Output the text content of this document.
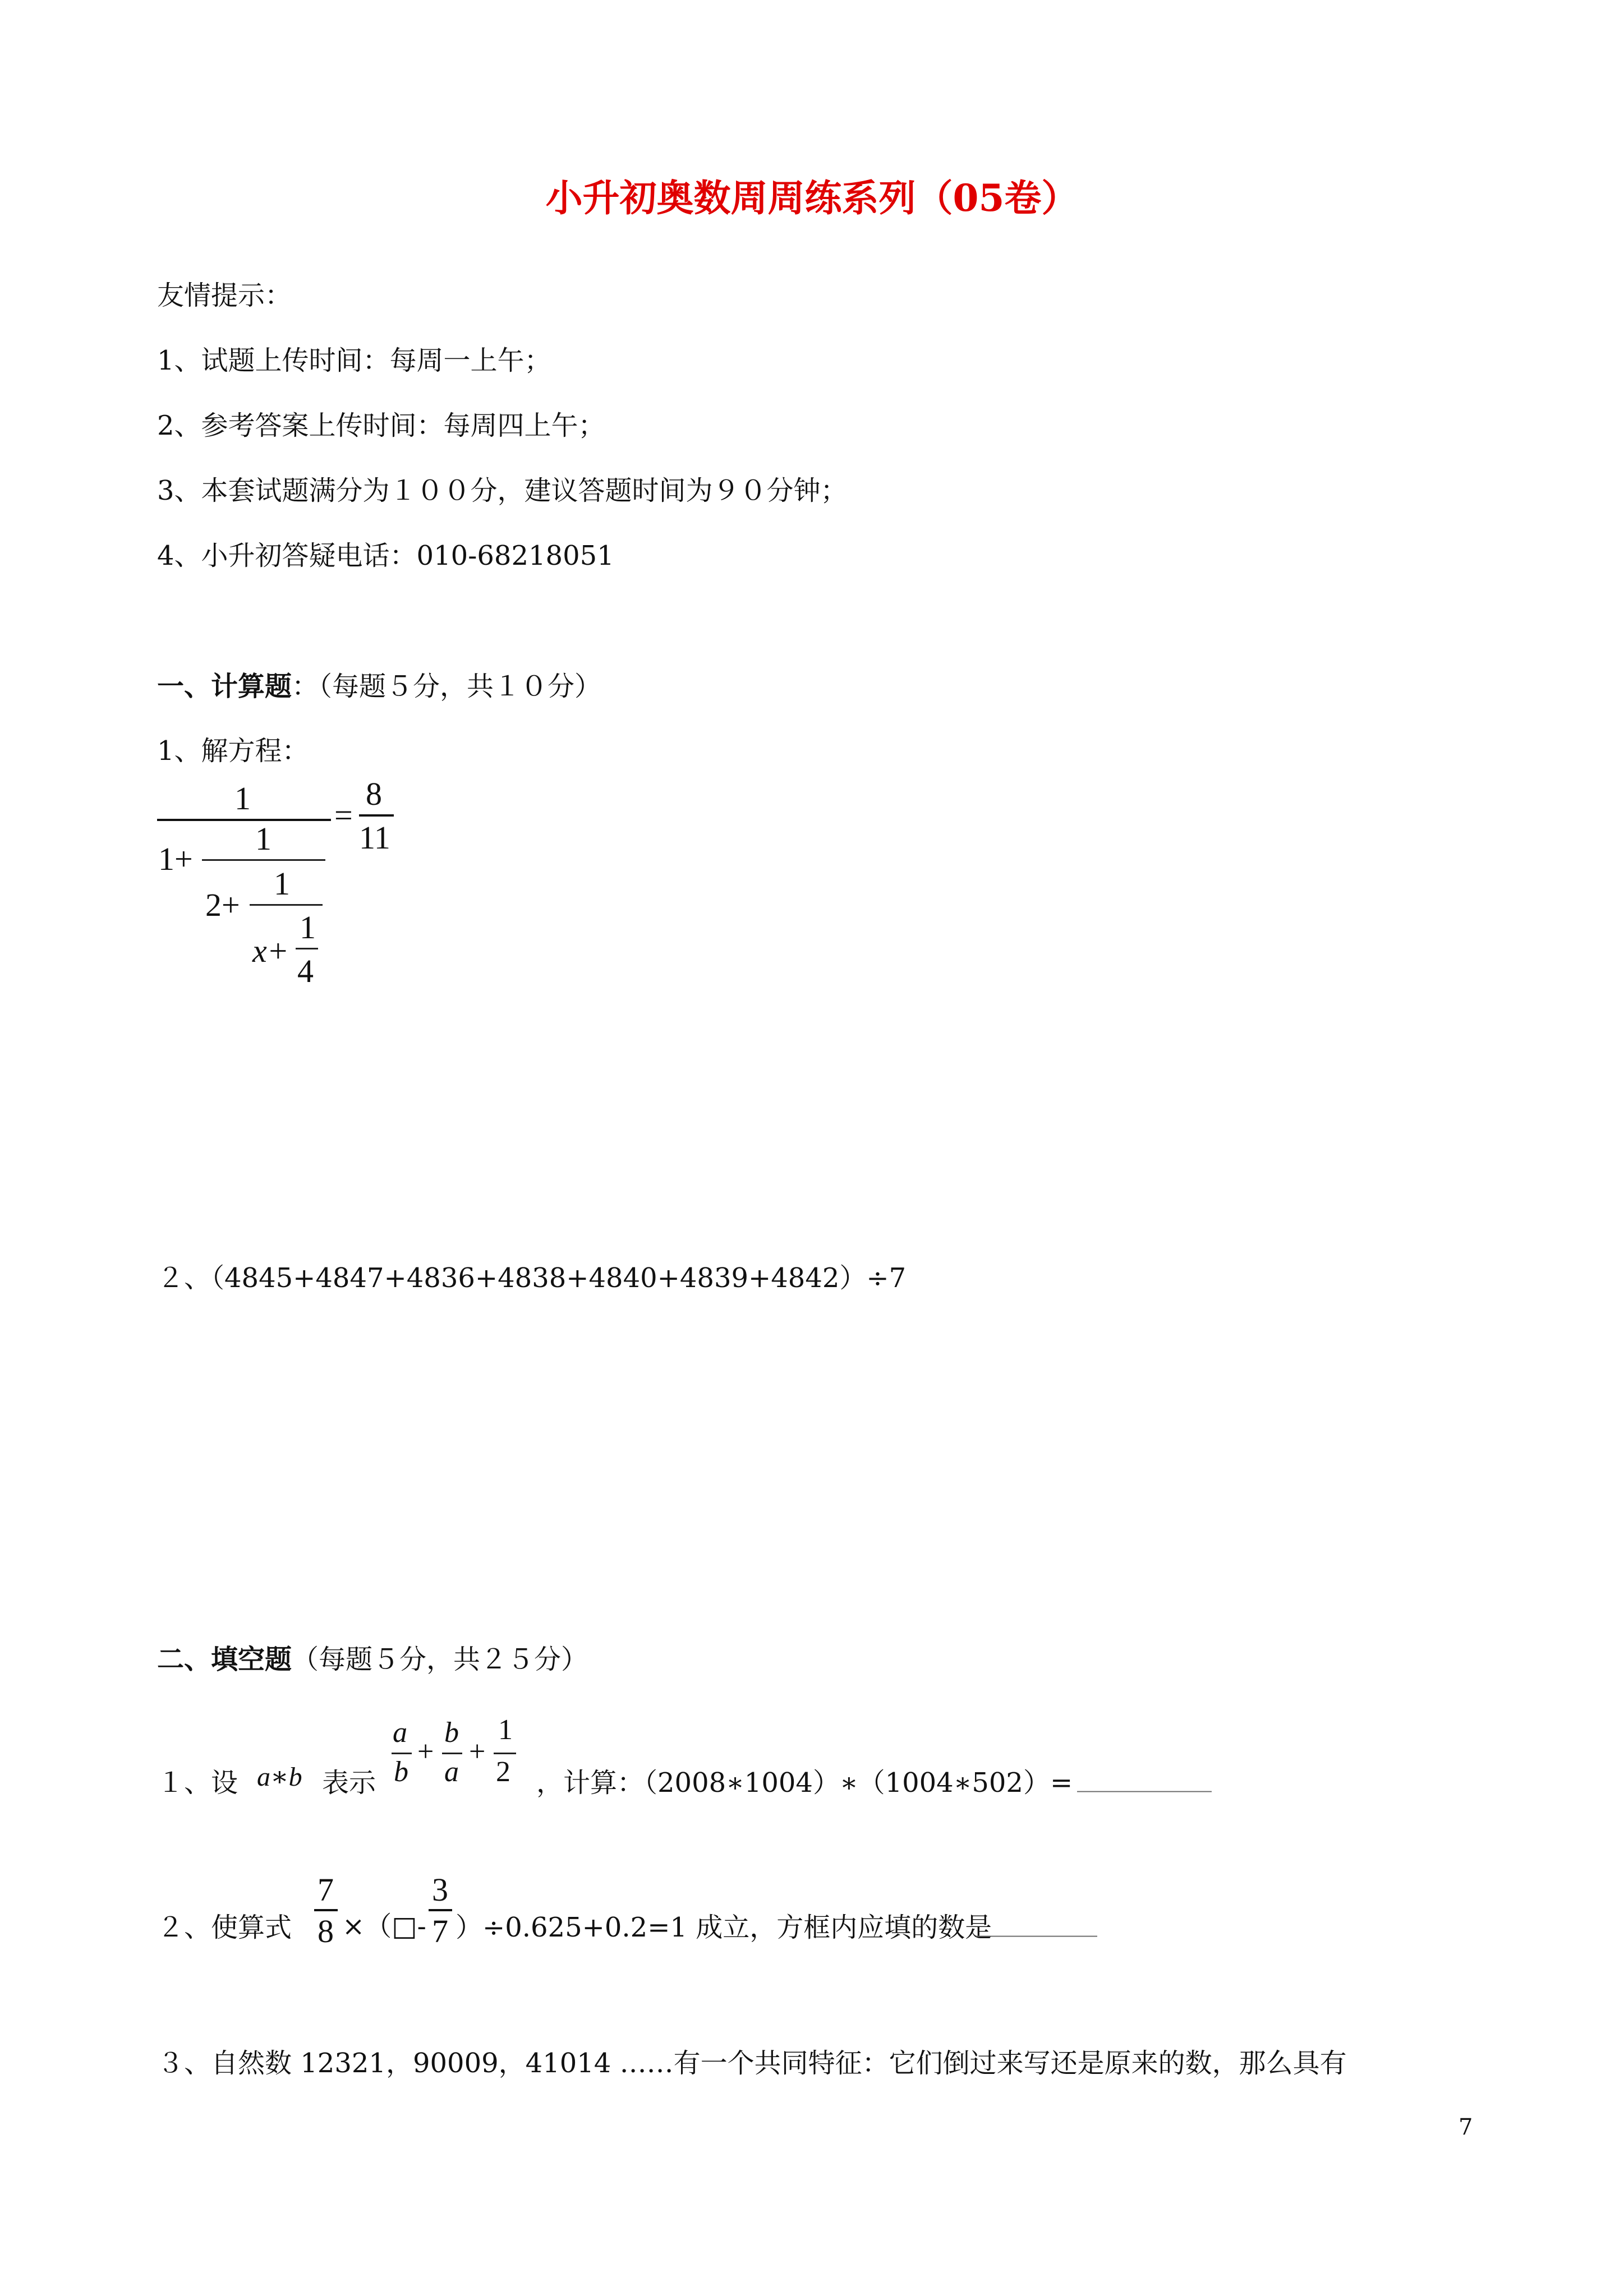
小升初奥数周周练系列（05卷）
友情提示：
1、试题上传时间：每周一上午；
2、参考答案上传时间：每周四上午；
3、本套试题满分为１００分，建议答题时间为９０分钟；
4、小升初答疑电话：010-68218051
一、计算题：（每题５分，共１０分）
1、解方程：
1	=
8
11
1+
1
2+
1
x+
1
4
２、（4845+4847+4836+4838+4840+4839+4842）÷7
二、填空题（每题５分，共２５分）
１、设 a∗b 表示
a
b
+
b
a
+
1
2 ，计算：（2008∗1004）∗（1004∗502）= __________
２、使算式
7
8 ×（□-
3
7 ）÷0.625+0.2=1 成立，方框内应填的数是
_________
３、自然数 12321，90009，41014 ……有一个共同特征：它们倒过来写还是原来的数，那么具有
7
